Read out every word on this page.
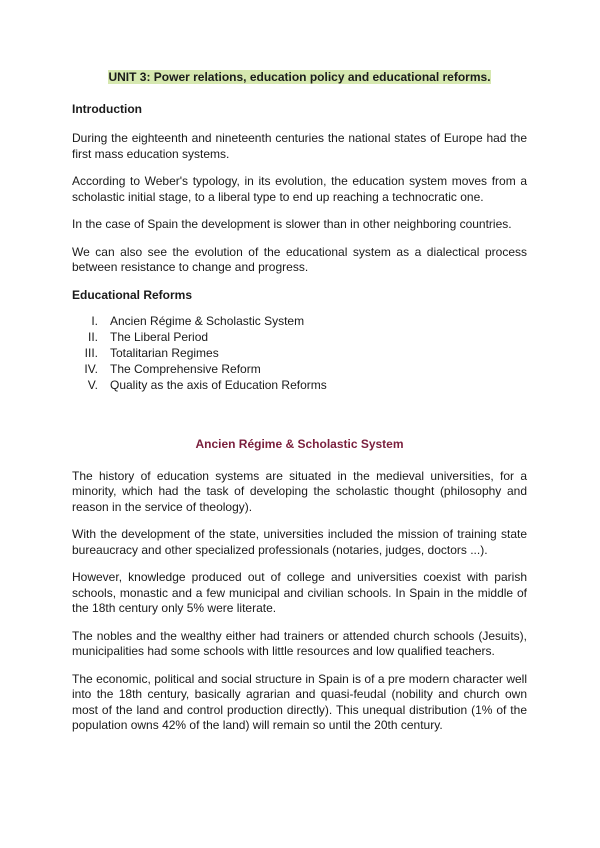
UNIT 3: Power relations, education policy and educational reforms.
Introduction

During the eighteenth and nineteenth centuries the national states of Europe had the first mass education systems.

According to Weber's typology, in its evolution, the education system moves from a scholastic initial stage, to a liberal type to end up reaching a technocratic one.

In the case of Spain the development is slower than in other neighboring countries.

We can also see the evolution of the educational system as a dialectical process between resistance to change and progress.

Educational Reforms
I. Ancien Régime & Scholastic System
II. The Liberal Period
III. Totalitarian Regimes
IV. The Comprehensive Reform
V. Quality as the axis of Education Reforms
Ancien Régime & Scholastic System

The history of education systems are situated in the medieval universities, for a minority, which had the task of developing the scholastic thought (philosophy and reason in the service of theology).

With the development of the state, universities included the mission of training state bureaucracy and other specialized professionals (notaries, judges, doctors ...).

However, knowledge produced out of college and universities coexist with parish schools, monastic and a few municipal and civilian schools. In Spain in the middle of the 18th century only 5% were literate.

The nobles and the wealthy either had trainers or attended church schools (Jesuits), municipalities had some schools with little resources and low qualified teachers.

The economic, political and social structure in Spain is of a pre modern character well into the 18th century, basically agrarian and quasi-feudal (nobility and church own most of the land and control production directly). This unequal distribution (1% of the population owns 42% of the land) will remain so until the 20th century.
